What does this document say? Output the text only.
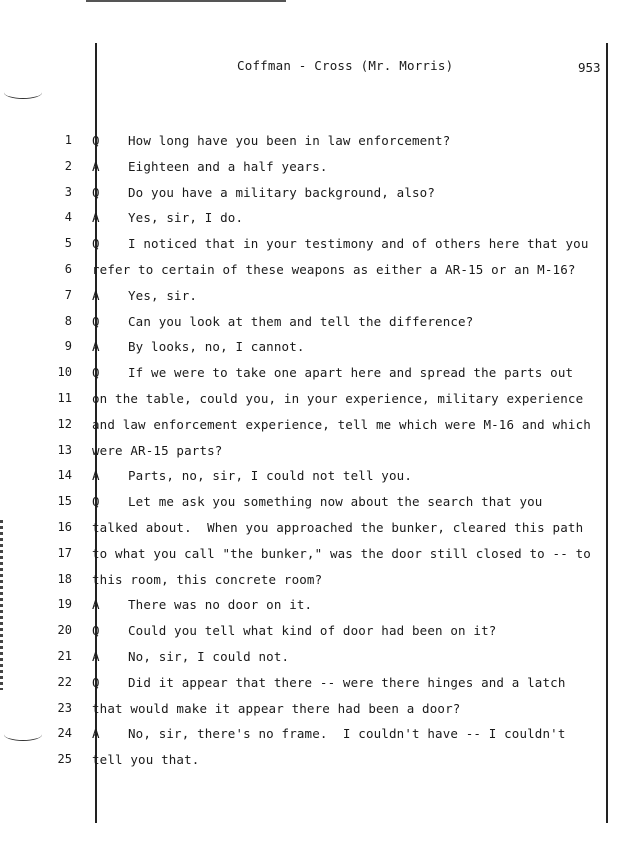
Coffman - Cross (Mr. Morris)	953
1 Q How long have you been in law enforcement?
2 A Eighteen and a half years.
3 Q Do you have a military background, also?
4 A Yes, sir, I do.
5 Q I noticed that in your testimony and of others here that you
6 refer to certain of these weapons as either a AR-15 or an M-16?
7 A Yes, sir.
8 Q Can you look at them and tell the difference?
9 A By looks, no, I cannot.
10 Q If we were to take one apart here and spread the parts out
11 on the table, could you, in your experience, military experience
12 and law enforcement experience, tell me which were M-16 and which
13 were AR-15 parts?
14 A Parts, no, sir, I could not tell you.
15 Q Let me ask you something now about the search that you
16 talked about.  When you approached the bunker, cleared this path
17 to what you call "the bunker," was the door still closed to -- to
18 this room, this concrete room?
19 A There was no door on it.
20 Q Could you tell what kind of door had been on it?
21 A No, sir, I could not.
22 Q Did it appear that there -- were there hinges and a latch
23 that would make it appear there had been a door?
24 A No, sir, there's no frame.  I couldn't have -- I couldn't
25 tell you that.
